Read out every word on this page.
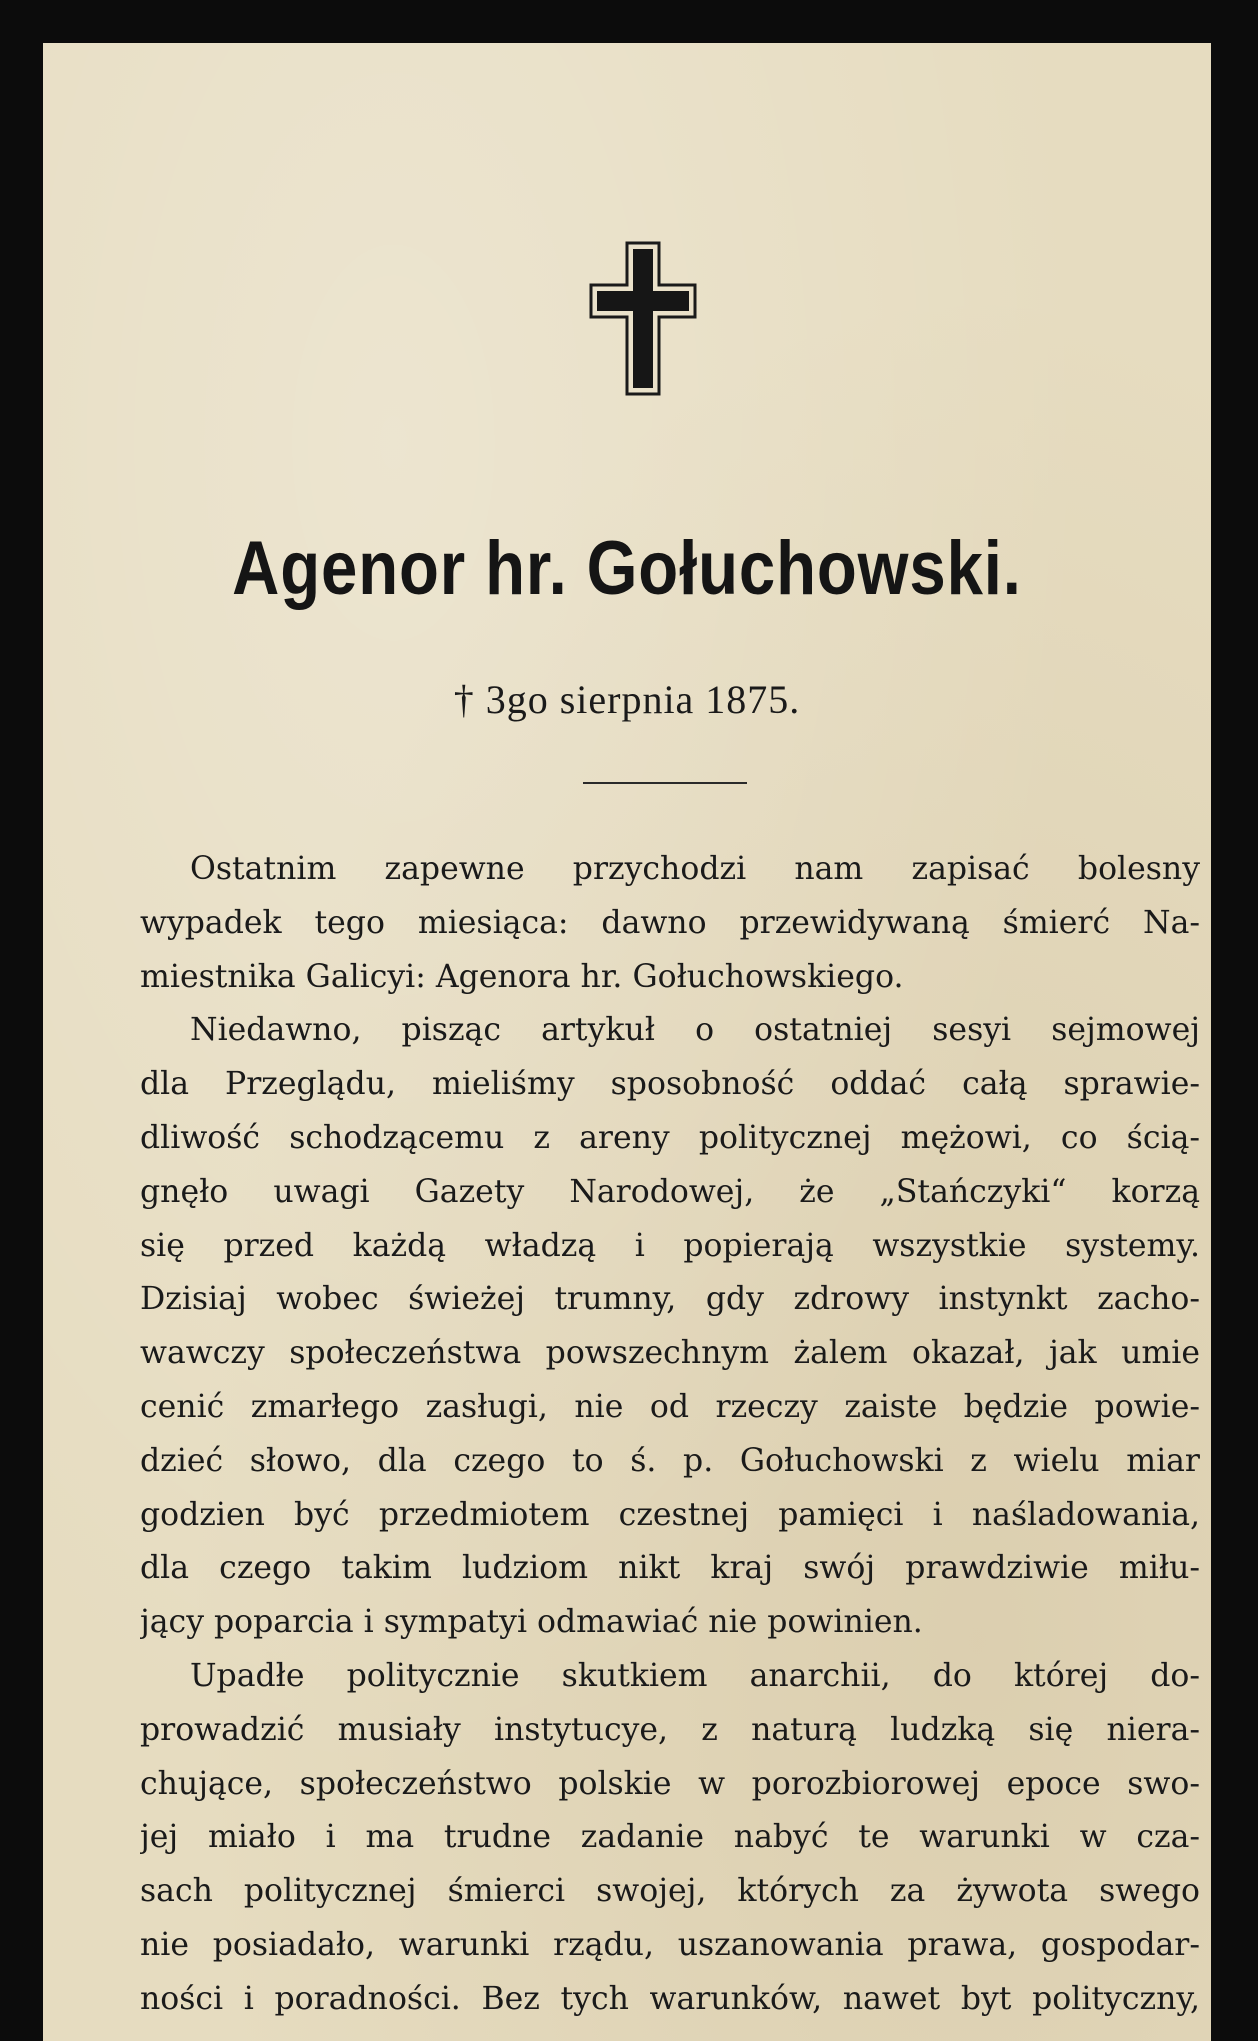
Agenor hr. Gołuchowski.
† 3go sierpnia 1875.
Ostatnim zapewne przychodzi nam zapisać bolesny
wypadek tego miesiąca: dawno przewidywaną śmierć Na-
miestnika Galicyi: Agenora hr. Gołuchowskiego.
Niedawno, pisząc artykuł o ostatniej sesyi sejmowej
dla Przeglądu, mieliśmy sposobność oddać całą sprawie-
dliwość schodzącemu z areny politycznej mężowi, co ścią-
gnęło uwagi Gazety Narodowej, że „Stańczyki“ korzą
się przed każdą władzą i popierają wszystkie systemy.
Dzisiaj wobec świeżej trumny, gdy zdrowy instynkt zacho-
wawczy społeczeństwa powszechnym żalem okazał, jak umie
cenić zmarłego zasługi, nie od rzeczy zaiste będzie powie-
dzieć słowo, dla czego to ś. p. Gołuchowski z wielu miar
godzien być przedmiotem czestnej pamięci i naśladowania,
dla czego takim ludziom nikt kraj swój prawdziwie miłu-
jący poparcia i sympatyi odmawiać nie powinien.
Upadłe politycznie skutkiem anarchii, do której do-
prowadzić musiały instytucye, z naturą ludzką się niera-
chujące, społeczeństwo polskie w porozbiorowej epoce swo-
jej miało i ma trudne zadanie nabyć te warunki w cza-
sach politycznej śmierci swojej, których za żywota swego
nie posiadało, warunki rządu, uszanowania prawa, gospodar-
ności i poradności. Bez tych warunków, nawet byt polityczny,
